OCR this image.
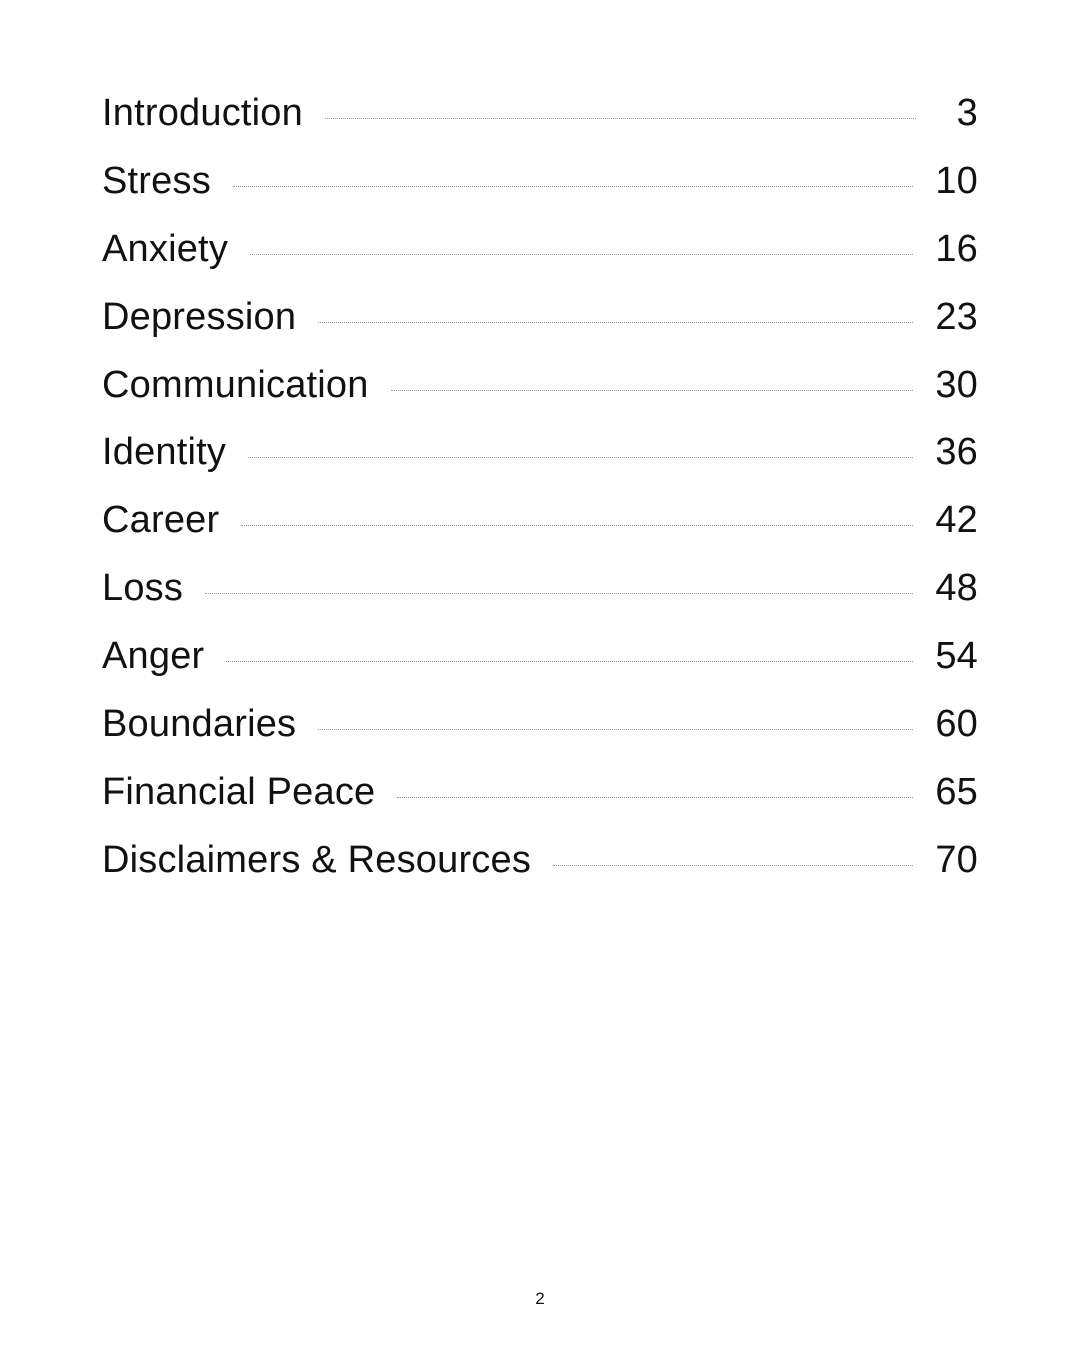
Introduction	3
Stress	10
Anxiety	16
Depression	23
Communication	30
Identity	36
Career	42
Loss	48
Anger	54
Boundaries	60
Financial Peace	65
Disclaimers & Resources	70
2
